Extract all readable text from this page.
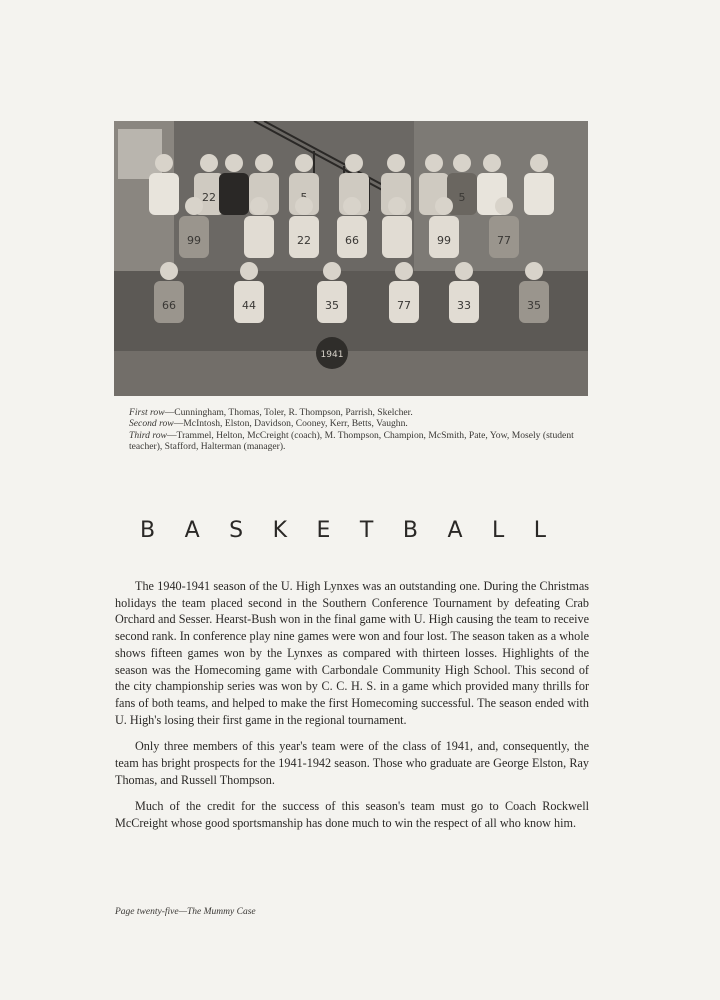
22	5
99	22	66	99	77
66	44	35	77	33	35
1941

First row—Cunningham, Thomas, Toler, R. Thompson, Parrish, Skelcher.

Second row—McIntosh, Elston, Davidson, Cooney, Kerr, Betts, Vaughn.

Third row—Trammel, Helton, McCreight (coach), M. Thompson, Champion, McSmith, Pate, Yow, Mosely (student teacher), Stafford, Halterman (manager).

BASKETBALL

The 1940-1941 season of the U. High Lynxes was an outstanding one. During the Christmas holidays the team placed second in the Southern Conference Tournament by defeating Crab Orchard and Sesser. Hearst-Bush won in the final game with U. High causing the team to receive second rank. In conference play nine games were won and four lost. The season taken as a whole shows fifteen games won by the Lynxes as compared with thirteen losses. Highlights of the season was the Homecoming game with Carbondale Community High School. This second of the city championship series was won by C. C. H. S. in a game which provided many thrills for fans of both teams, and helped to make the first Homecoming successful. The season ended with U. High's losing their first game in the regional tournament.

Only three members of this year's team were of the class of 1941, and, consequently, the team has bright prospects for the 1941-1942 season. Those who graduate are George Elston, Ray Thomas, and Russell Thompson.

Much of the credit for the success of this season's team must go to Coach Rockwell McCreight whose good sportsmanship has done much to win the respect of all who know him.

Page twenty-five—The Mummy Case
